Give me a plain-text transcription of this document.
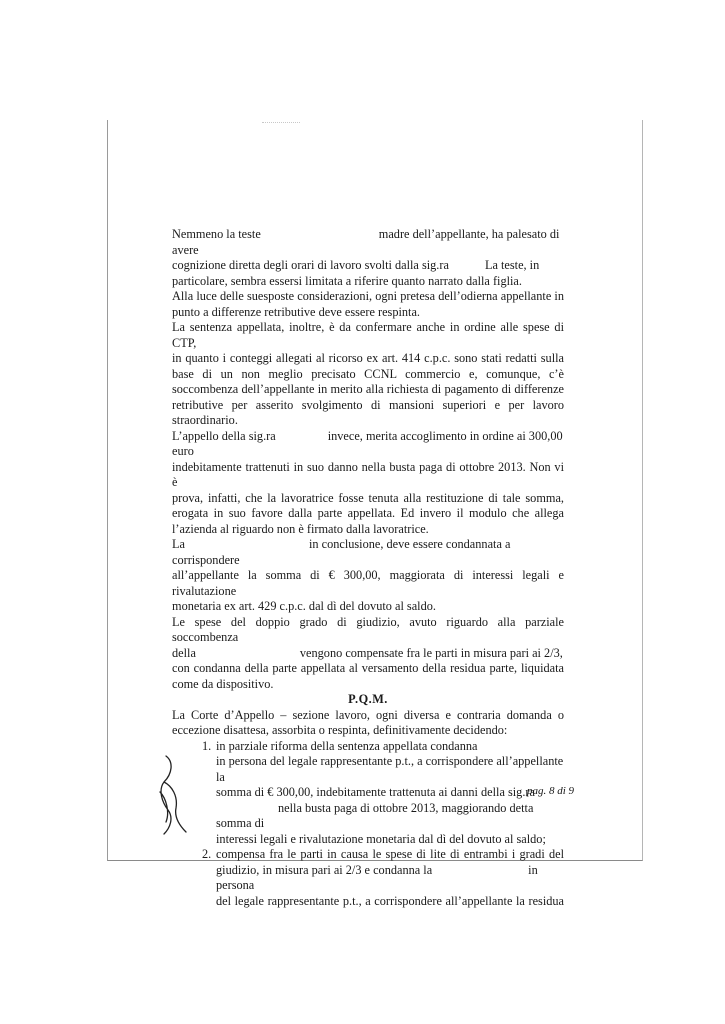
Nemmeno la teste	madre dell’appellante, ha palesato di avere

cognizione diretta degli orari di lavoro svolti dalla sig.ra	La teste, in

particolare, sembra essersi limitata a riferire quanto narrato dalla figlia.

Alla luce delle suesposte considerazioni, ogni pretesa dell’odierna appellante in

punto a differenze retributive deve essere respinta.

La sentenza appellata, inoltre, è da confermare anche in ordine alle spese di CTP,

in quanto i conteggi allegati al ricorso ex art. 414 c.p.c. sono stati redatti sulla

base di un non meglio precisato CCNL commercio e, comunque, c’è

soccombenza dell’appellante in merito alla richiesta di pagamento di differenze

retributive per asserito svolgimento di mansioni superiori e per lavoro

straordinario.

L’appello della sig.ra	invece, merita accoglimento in ordine ai 300,00 euro

indebitamente trattenuti in suo danno nella busta paga di ottobre 2013. Non vi è

prova, infatti, che la lavoratrice fosse tenuta alla restituzione di tale somma,

erogata in suo favore dalla parte appellata. Ed invero il modulo che allega

l’azienda al riguardo non è firmato dalla lavoratrice.

La	in conclusione, deve essere condannata a corrispondere

all’appellante la somma di € 300,00, maggiorata di interessi legali e rivalutazione

monetaria ex art. 429 c.p.c. dal dì del dovuto al saldo.

Le spese del doppio grado di giudizio, avuto riguardo alla parziale soccombenza

della	vengono compensate fra le parti in misura pari ai 2/3,

con condanna della parte appellata al versamento della residua parte, liquidata

come da dispositivo.

P.Q.M.

La Corte d’Appello – sezione lavoro, ogni diversa e contraria domanda o

eccezione disattesa, assorbita o respinta, definitivamente decidendo:

1. in parziale riforma della sentenza appellata condanna

in persona del legale rappresentante p.t., a corrispondere all’appellante la

somma di € 300,00, indebitamente trattenuta ai danni della sig.ra

nella busta paga di ottobre 2013, maggiorando detta somma di

interessi legali e rivalutazione monetaria dal dì del dovuto al saldo;

2. compensa fra le parti in causa le spese di lite di entrambi i gradi del

giudizio, in misura pari ai 2/3 e condanna la	in persona

del legale rappresentante p.t., a corrispondere all’appellante la residua

pag. 8 di 9
